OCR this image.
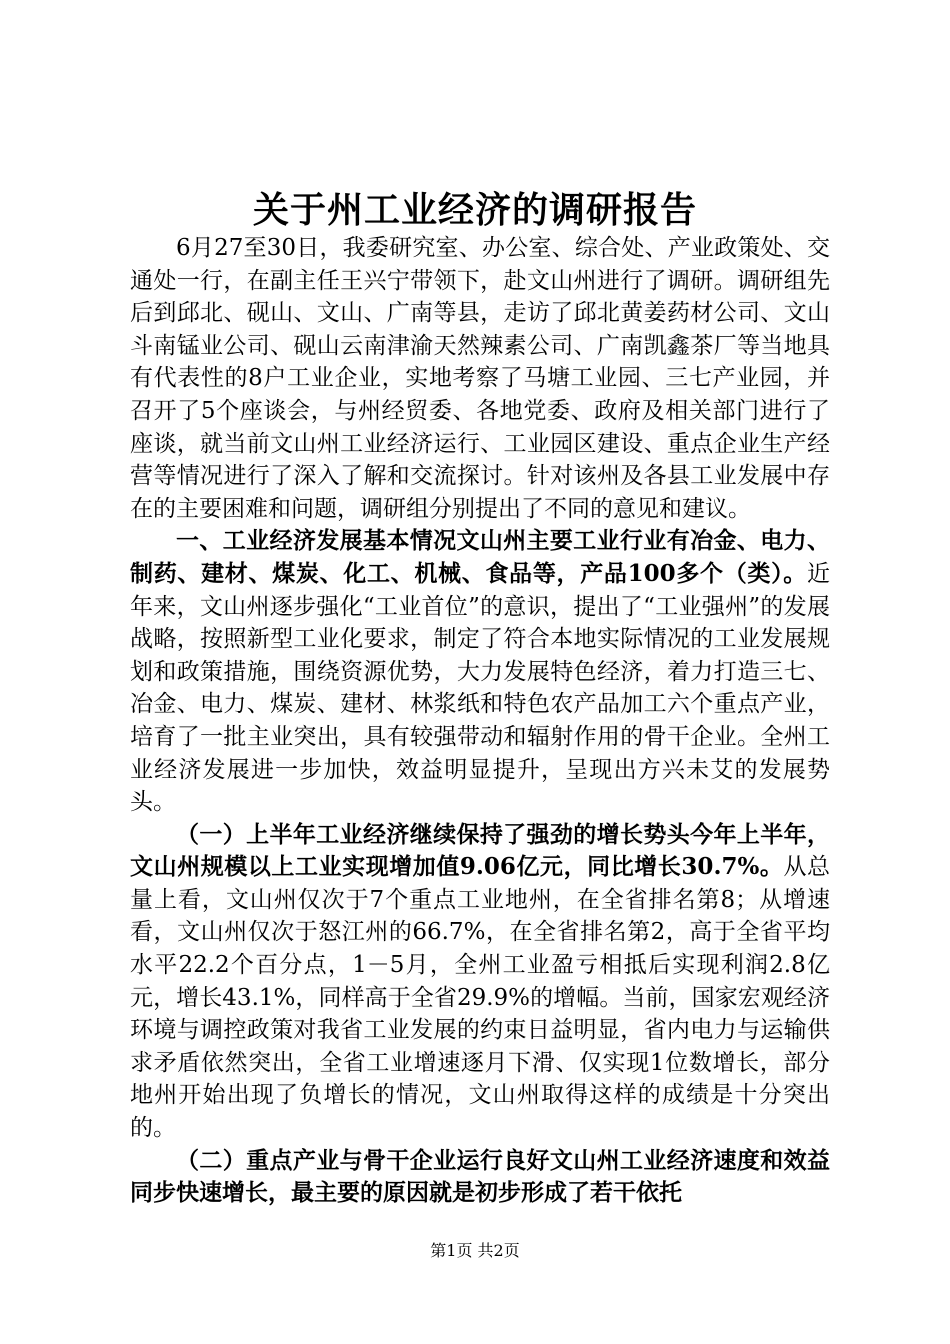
关于州工业经济的调研报告

6月27至30日，我委研究室、办公室、综合处、产业政策处、交通处一行，在副主任王兴宁带领下，赴文山州进行了调研。调研组先后到邱北、砚山、文山、广南等县，走访了邱北黄姜药材公司、文山斗南锰业公司、砚山云南津渝天然辣素公司、广南凯鑫茶厂等当地具有代表性的8户工业企业，实地考察了马塘工业园、三七产业园，并召开了5个座谈会，与州经贸委、各地党委、政府及相关部门进行了座谈，就当前文山州工业经济运行、工业园区建设、重点企业生产经营等情况进行了深入了解和交流探讨。针对该州及各县工业发展中存在的主要困难和问题，调研组分别提出了不同的意见和建议。

一、工业经济发展基本情况文山州主要工业行业有冶金、电力、制药、建材、煤炭、化工、机械、食品等，产品100多个（类）。近年来，文山州逐步强化“工业首位”的意识，提出了“工业强州”的发展战略，按照新型工业化要求，制定了符合本地实际情况的工业发展规划和政策措施，围绕资源优势，大力发展特色经济，着力打造三七、冶金、电力、煤炭、建材、林浆纸和特色农产品加工六个重点产业，培育了一批主业突出，具有较强带动和辐射作用的骨干企业。全州工业经济发展进一步加快，效益明显提升，呈现出方兴未艾的发展势头。

（一）上半年工业经济继续保持了强劲的增长势头今年上半年，文山州规模以上工业实现增加值9.06亿元，同比增长30.7%。从总量上看，文山州仅次于7个重点工业地州，在全省排名第8；从增速看，文山州仅次于怒江州的66.7%，在全省排名第2，高于全省平均水平22.2个百分点，1－5月，全州工业盈亏相抵后实现利润2.8亿元，增长43.1%，同样高于全省29.9%的增幅。当前，国家宏观经济环境与调控政策对我省工业发展的约束日益明显，省内电力与运输供求矛盾依然突出，全省工业增速逐月下滑、仅实现1位数增长，部分地州开始出现了负增长的情况，文山州取得这样的成绩是十分突出的。

（二）重点产业与骨干企业运行良好文山州工业经济速度和效益同步快速增长，最主要的原因就是初步形成了若干依托

第1页 共2页
